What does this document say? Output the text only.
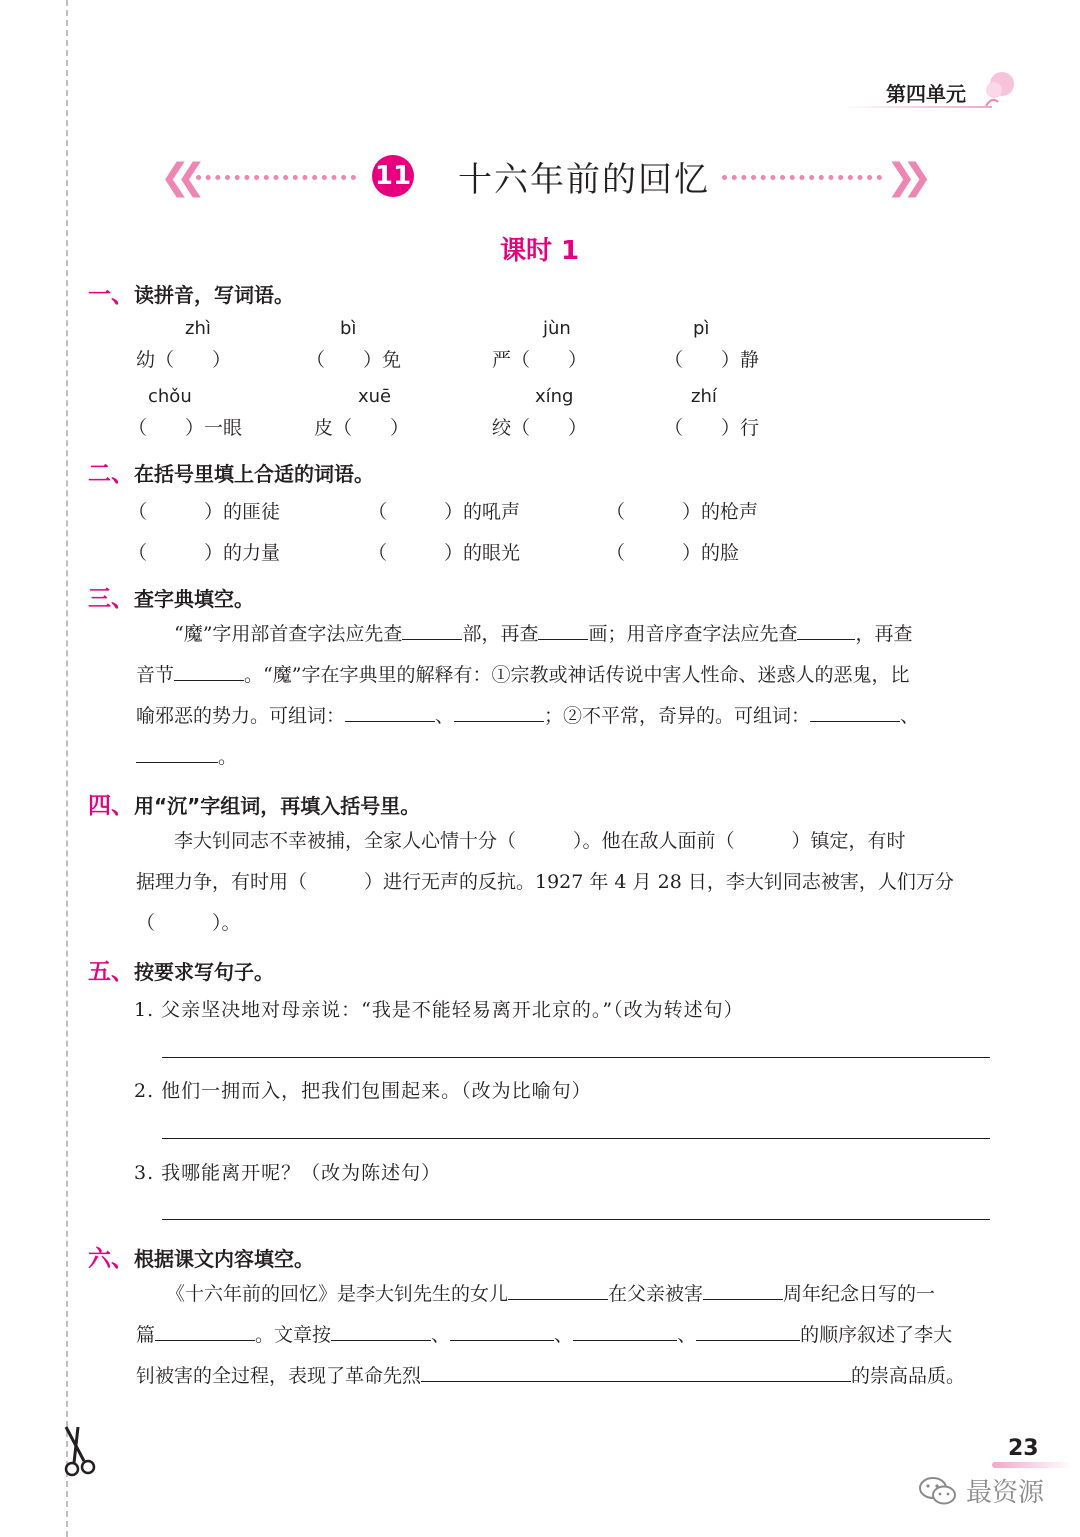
第四单元
❮❮	11 十六年前的回忆	❯❯
课时 1
一、读拼音，写词语。
zhì	bì	jùn	pì
幼（　　）	（　　）免	严（　　）	（　　）静
chǒu	xuē	xíng	zhí
（　　）一眼	皮（　　）	绞（　　）	（　　）行
二、在括号里填上合适的词语。
（　　　）的匪徒	（　　　）的吼声	（　　　）的枪声
（　　　）的力量	（　　　）的眼光	（　　　）的脸
三、查字典填空。
“魔”字用部首查字法应先查	部，再查	画；用音序查字法应先查	，再查
音节	。“魔”字在字典里的解释有：①宗教或神话传说中害人性命、迷惑人的恶鬼，比
喻邪恶的势力。可组词：	、	；②不平常，奇异的。可组词：	、
。
四、用“沉”字组词，再填入括号里。
李大钊同志不幸被捕，全家人心情十分（　　　）。他在敌人面前（　　　）镇定，有时
据理力争，有时用（　　　）进行无声的反抗。1927 年 4 月 28 日，李大钊同志被害，人们万分
（　　　）。
五、按要求写句子。
1. 父亲坚决地对母亲说：“我是不能轻易离开北京的。”（改为转述句）
2. 他们一拥而入，把我们包围起来。（改为比喻句）
3. 我哪能离开呢？（改为陈述句）
六、根据课文内容填空。
《十六年前的回忆》是李大钊先生的女儿	在父亲被害	周年纪念日写的一
篇	。文章按	、	、	、	的顺序叙述了李大
钊被害的全过程，表现了革命先烈	的崇高品质。
23
最资源
